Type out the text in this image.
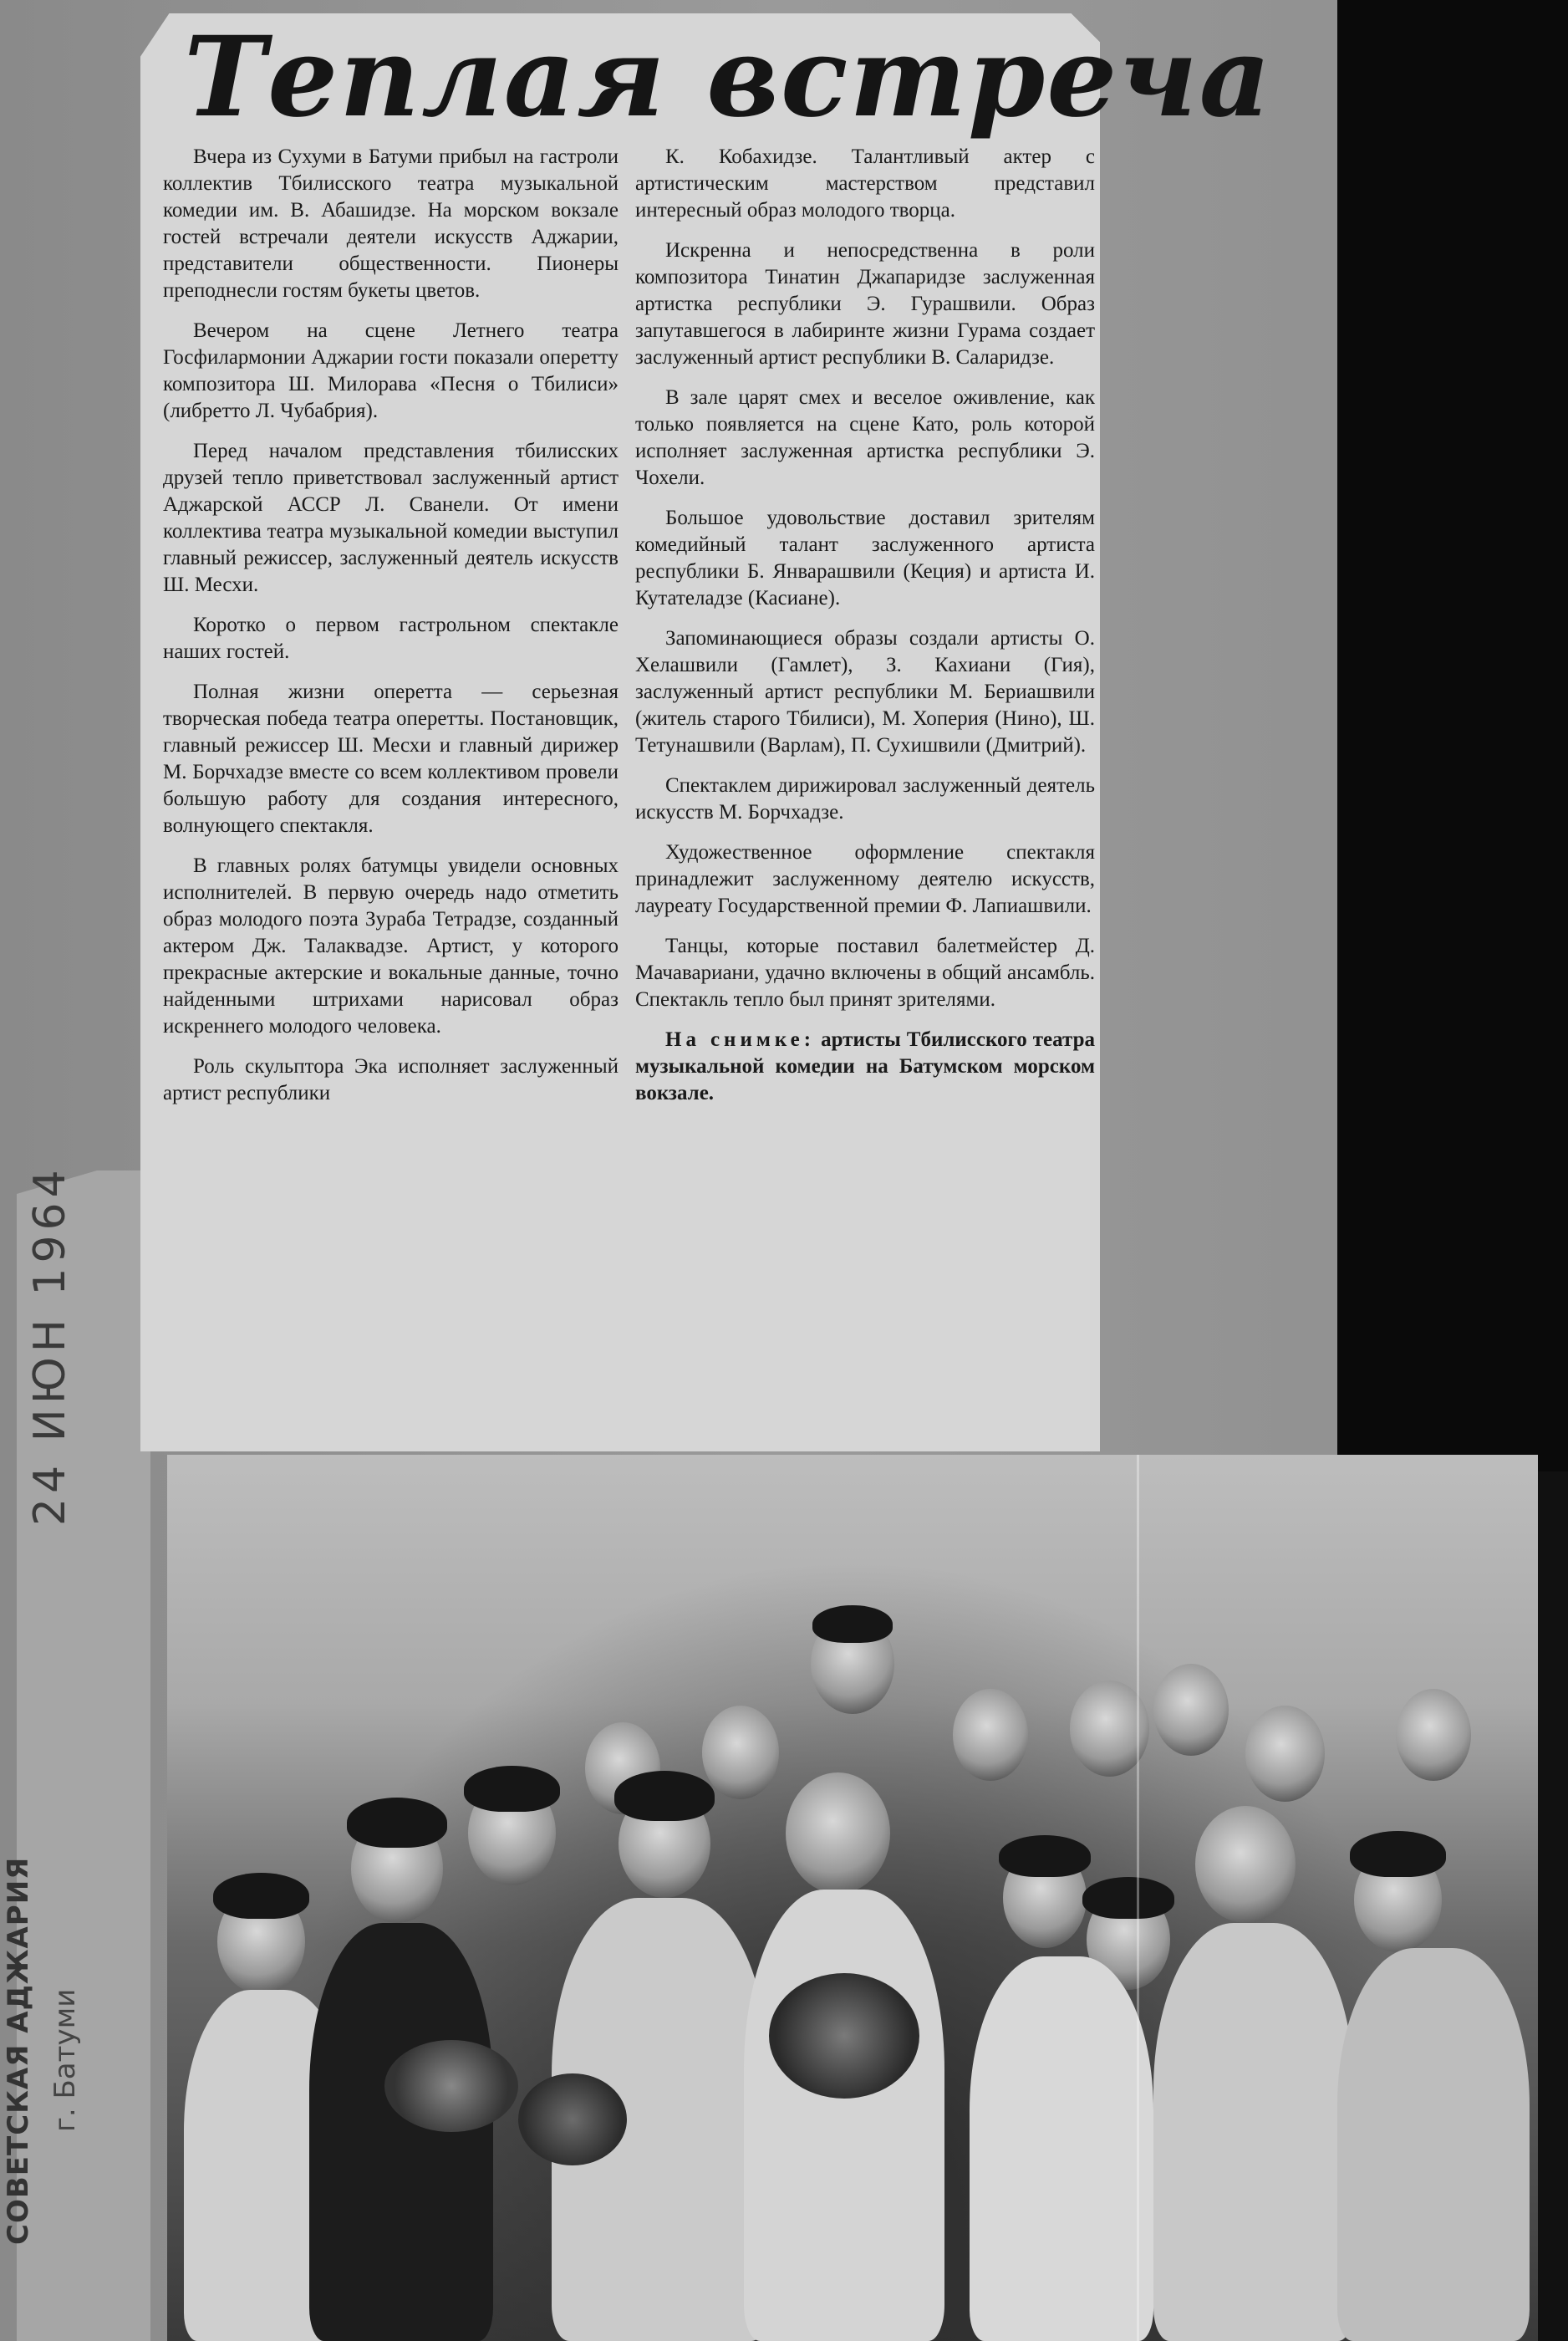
24 ИЮН 1964
СОВЕТСКАЯ АДЖАРИЯ г. Батуми
Теплая встреча

Вчера из Сухуми в Батуми прибыл на гастроли коллектив Тбилисского театра музыкальной комедии им. В. Абашидзе. На морском вокзале гостей встречали деятели искусств Аджарии, представители общественности. Пионеры преподнесли гостям букеты цветов.

Вечером на сцене Летнего театра Госфилармонии Аджарии гости показали оперетту композитора Ш. Милорава «Песня о Тбилиси» (либретто Л. Чубабрия).

Перед началом представления тбилисских друзей тепло приветствовал заслуженный артист Аджарской АССР Л. Сванели. От имени коллектива театра музыкальной комедии выступил главный режиссер, заслуженный деятель искусств Ш. Месхи.

Коротко о первом гастрольном спектакле наших гостей.

Полная жизни оперетта — серьезная творческая победа театра оперетты. Постановщик, главный режиссер Ш. Месхи и главный дирижер М. Борчхадзе вместе со всем коллективом провели большую работу для создания интересного, волнующего спектакля.

В главных ролях батумцы увидели основных исполнителей. В первую очередь надо отметить образ молодого поэта Зураба Тетрадзе, созданный актером Дж. Талаквадзе. Артист, у которого прекрасные актерские и вокальные данные, точно найденными штрихами нарисовал образ искреннего молодого человека.

Роль скульптора Эка исполняет заслуженный артист республики

К. Кобахидзе. Талантливый актер с артистическим мастерством представил интересный образ молодого творца.

Искренна и непосредственна в роли композитора Тинатин Джапаридзе заслуженная артистка республики Э. Гурашвили. Образ запутавшегося в лабиринте жизни Гурама создает заслуженный артист республики В. Саларидзе.

В зале царят смех и веселое оживление, как только появляется на сцене Като, роль которой исполняет заслуженная артистка республики Э. Чохели.

Большое удовольствие доставил зрителям комедийный талант заслуженного артиста республики Б. Январашвили (Кеция) и артиста И. Кутателадзе (Касиане).

Запоминающиеся образы создали артисты О. Хелашвили (Гамлет), З. Кахиани (Гия), заслуженный артист республики М. Бериашвили (житель старого Тбилиси), М. Хоперия (Нино), Ш. Тетунашвили (Варлам), П. Сухишвили (Дмитрий).

Спектаклем дирижировал заслуженный деятель искусств М. Борчхадзе.

Художественное оформление спектакля принадлежит заслуженному деятелю искусств, лауреату Государственной премии Ф. Лапиашвили.

Танцы, которые поставил балетмейстер Д. Мачавариани, удачно включены в общий ансамбль. Спектакль тепло был принят зрителями.

На снимке: артисты Тбилисского театра музыкальной комедии на Батумском морском вокзале.
